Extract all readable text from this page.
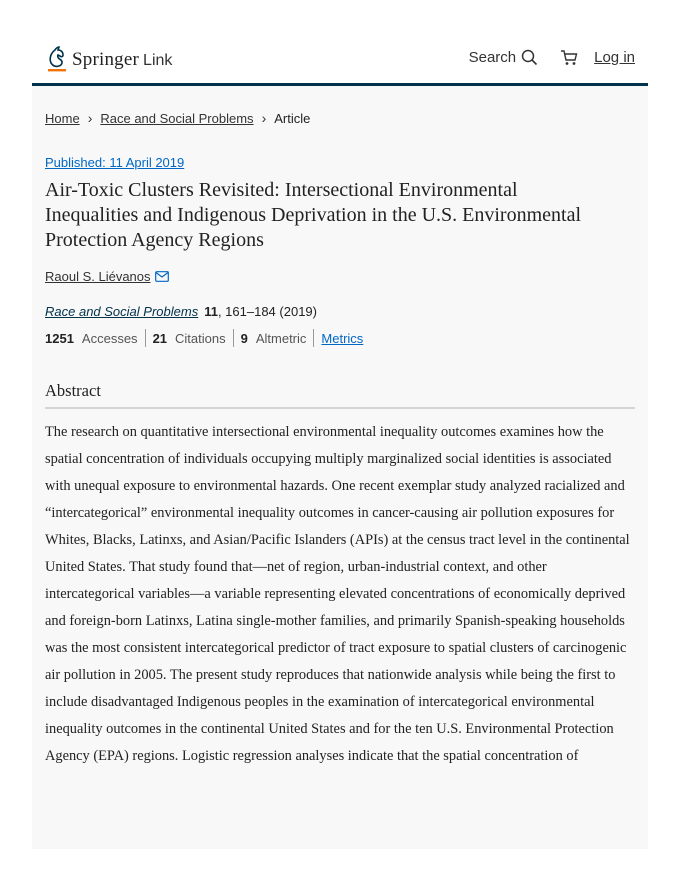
Springer Link	Search	Log in
Home › Race and Social Problems › Article
Published: 11 April 2019
Air-Toxic Clusters Revisited: Intersectional Environmental Inequalities and Indigenous Deprivation in the U.S. Environmental Protection Agency Regions
Raoul S. Liévanos
Race and Social Problems 11, 161–184 (2019)
1251 Accesses 21 Citations 9 Altmetric Metrics
Abstract

The research on quantitative intersectional environmental inequality outcomes examines how the spatial concentration of individuals occupying multiply marginalized social identities is associated with unequal exposure to environmental hazards. One recent exemplar study analyzed racialized and “intercategorical” environmental inequality outcomes in cancer-causing air pollution exposures for Whites, Blacks, Latinxs, and Asian/Pacific Islanders (APIs) at the census tract level in the continental United States. That study found that—net of region, urban-industrial context, and other intercategorical variables—a variable representing elevated concentrations of economically deprived and foreign-born Latinxs, Latina single-mother families, and primarily Spanish-speaking households was the most consistent intercategorical predictor of tract exposure to spatial clusters of carcinogenic air pollution in 2005. The present study reproduces that nationwide analysis while being the first to include disadvantaged Indigenous peoples in the examination of intercategorical environmental inequality outcomes in the continental United States and for the ten U.S. Environmental Protection Agency (EPA) regions. Logistic regression analyses indicate that the spatial concentration of
